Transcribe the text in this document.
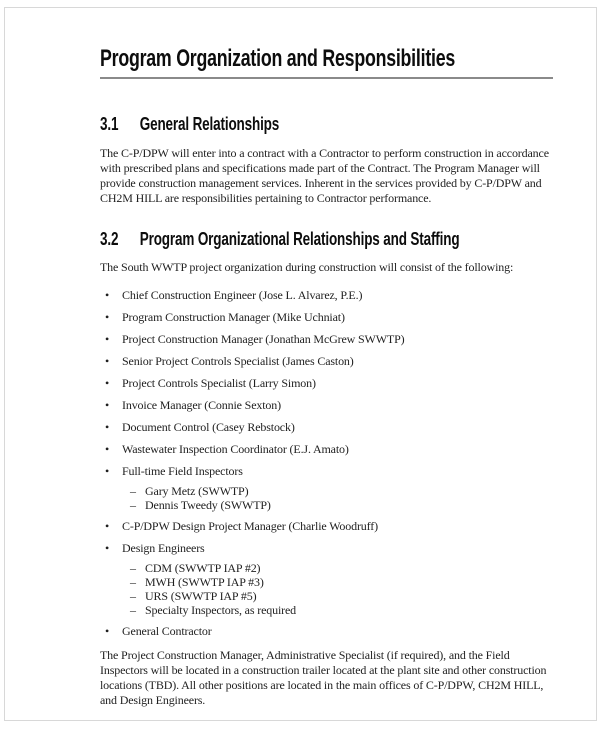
Program Organization and Responsibilities
3.1 General Relationships

The C-P/DPW will enter into a contract with a Contractor to perform construction in accordance with prescribed plans and specifications made part of the Contract. The Program Manager will provide construction management services. Inherent in the services provided by C-P/DPW and CH2M HILL are responsibilities pertaining to Contractor performance.

3.2 Program Organizational Relationships and Staffing

The South WWTP project organization during construction will consist of the following:

• Chief Construction Engineer (Jose L. Alvarez, P.E.)
• Program Construction Manager (Mike Uchniat)
• Project Construction Manager (Jonathan McGrew SWWTP)
• Senior Project Controls Specialist (James Caston)
• Project Controls Specialist (Larry Simon)
• Invoice Manager (Connie Sexton)
• Document Control (Casey Rebstock)
• Wastewater Inspection Coordinator (E.J. Amato)
• Full-time Field Inspectors
– Gary Metz (SWWTP)
– Dennis Tweedy (SWWTP)
• C-P/DPW Design Project Manager (Charlie Woodruff)
• Design Engineers
– CDM (SWWTP IAP #2)
– MWH (SWWTP IAP #3)
– URS (SWWTP IAP #5)
– Specialty Inspectors, as required
• General Contractor

The Project Construction Manager, Administrative Specialist (if required), and the Field Inspectors will be located in a construction trailer located at the plant site and other construction locations (TBD). All other positions are located in the main offices of C-P/DPW, CH2M HILL, and Design Engineers.
